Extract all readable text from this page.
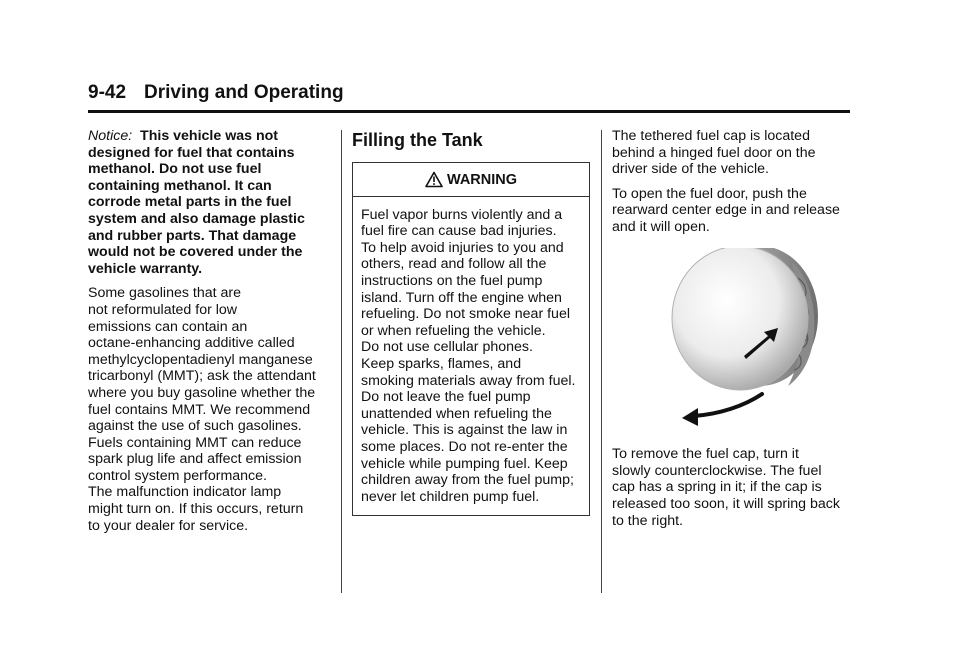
9-42 Driving and Operating

Notice: This vehicle was not
designed for fuel that contains
methanol. Do not use fuel
containing methanol. It can
corrode metal parts in the fuel
system and also damage plastic
and rubber parts. That damage
would not be covered under the
vehicle warranty.

Some gasolines that are
not reformulated for low
emissions can contain an
octane-enhancing additive called
methylcyclopentadienyl manganese
tricarbonyl (MMT); ask the attendant
where you buy gasoline whether the
fuel contains MMT. We recommend
against the use of such gasolines.
Fuels containing MMT can reduce
spark plug life and affect emission
control system performance.
The malfunction indicator lamp
might turn on. If this occurs, return
to your dealer for service.

Filling the Tank
WARNING
Fuel vapor burns violently and a
fuel fire can cause bad injuries.
To help avoid injuries to you and
others, read and follow all the
instructions on the fuel pump
island. Turn off the engine when
refueling. Do not smoke near fuel
or when refueling the vehicle.
Do not use cellular phones.
Keep sparks, flames, and
smoking materials away from fuel.
Do not leave the fuel pump
unattended when refueling the
vehicle. This is against the law in
some places. Do not re-enter the
vehicle while pumping fuel. Keep
children away from the fuel pump;
never let children pump fuel.

The tethered fuel cap is located
behind a hinged fuel door on the
driver side of the vehicle.

To open the fuel door, push the
rearward center edge in and release
and it will open.

To remove the fuel cap, turn it
slowly counterclockwise. The fuel
cap has a spring in it; if the cap is
released too soon, it will spring back
to the right.
